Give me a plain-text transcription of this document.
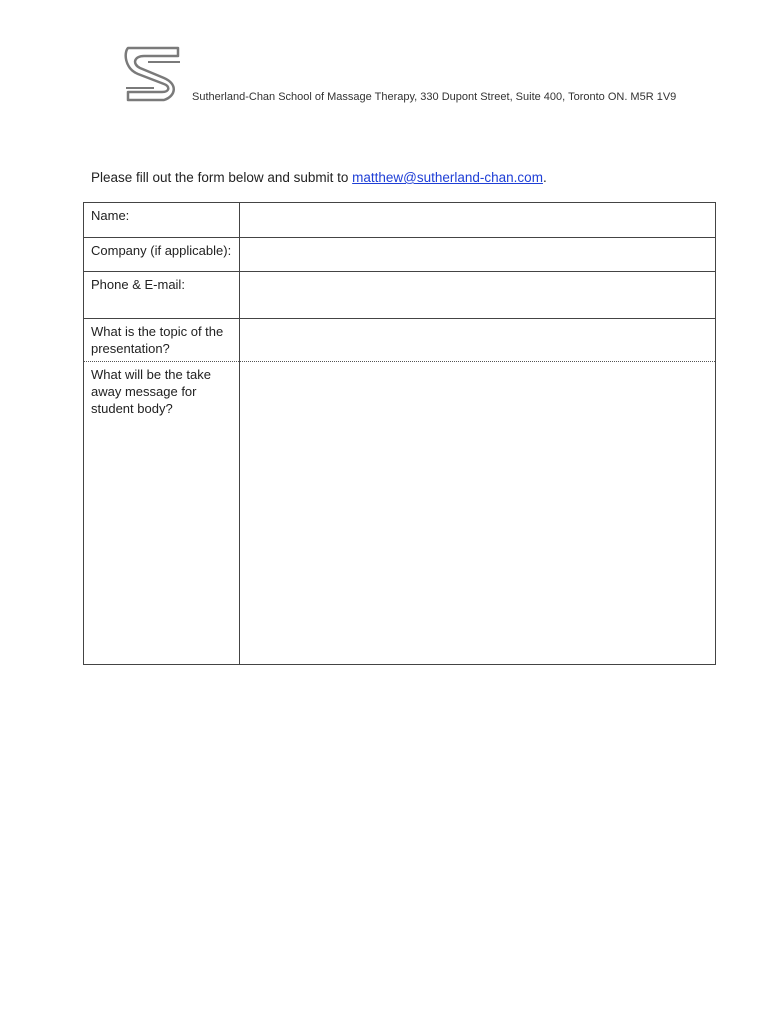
Sutherland-Chan School of Massage Therapy, 330 Dupont Street, Suite 400, Toronto ON. M5R 1V9
Please fill out the form below and submit to matthew@sutherland-chan.com.
Name:	

Company (if applicable):	

Phone & E-mail:	

What is the topic of the presentation?	

What will be the take away message for student body?	
